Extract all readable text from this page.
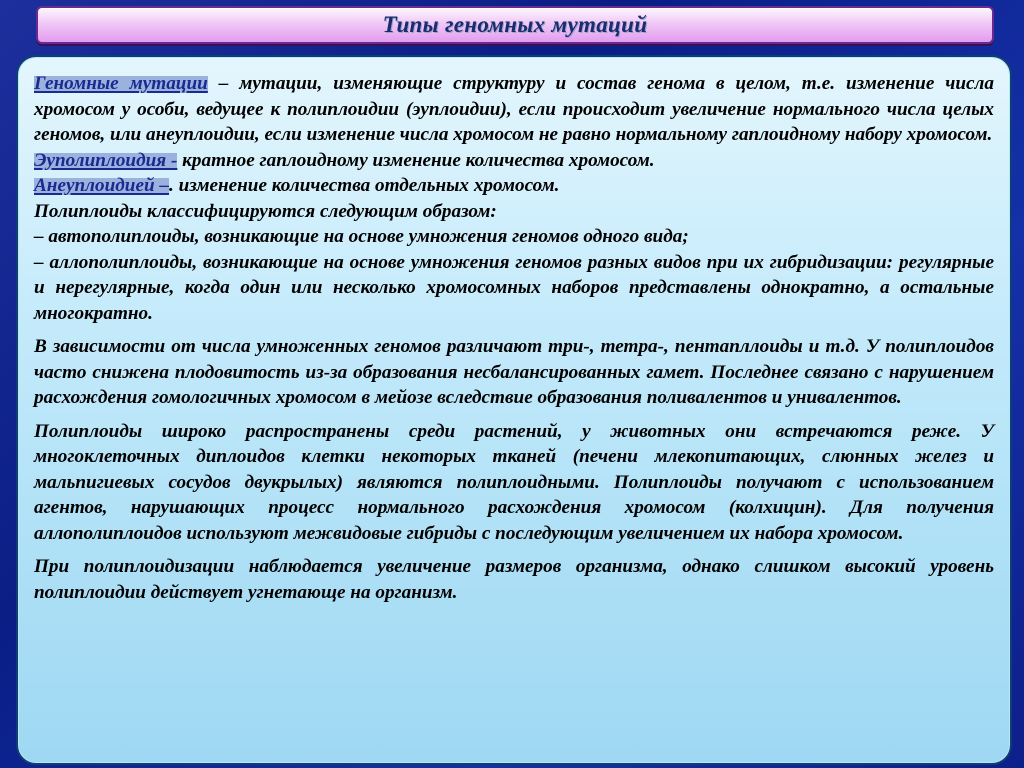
Типы геномных мутаций

Геномные мутации – мутации, изменяющие структуру и состав генома в целом, т.е. изменение числа хромосом у особи, ведущее к полиплоидии (эуплоидии), если происходит увеличение нормального числа целых геномов, или анеуплоидии, если изменение числа хромосом не равно нормальному гаплоидному набору хромосом.

Эуполиплоидия - кратное гаплоидному изменение количества хромосом.

Анеуплоидией –. изменение количества отдельных хромосом.

Полиплоиды классифицируются следующим образом:

– автополиплоиды, возникающие на основе умножения геномов одного вида;

– аллополиплоиды, возникающие на основе умножения геномов разных видов при их гибридизации: регулярные и нерегулярные, когда один или несколько хромосомных наборов представлены однократно, а остальные многократно.

В зависимости от числа умноженных геномов различают три-, тетра-, пентапллоиды и т.д. У полиплоидов часто снижена плодовитость из-за образования несбалансированных гамет. Последнее связано с нарушением расхождения гомологичных хромосом в мейозе вследствие образования поливалентов и унивалентов.

Полиплоиды широко распространены среди растений, у животных они встречаются реже. У многоклеточных диплоидов клетки некоторых тканей (печени млекопитающих, слюнных желез и мальпигиевых сосудов двукрылых) являются полиплоидными. Полиплоиды получают с использованием агентов, нарушающих процесс нормального расхождения хромосом (колхицин). Для получения аллополиплоидов используют межвидовые гибриды с последующим увеличением их набора хромосом.

При полиплоидизации наблюдается увеличение размеров организма, однако слишком высокий уровень полиплоидии действует угнетающе на организм.
